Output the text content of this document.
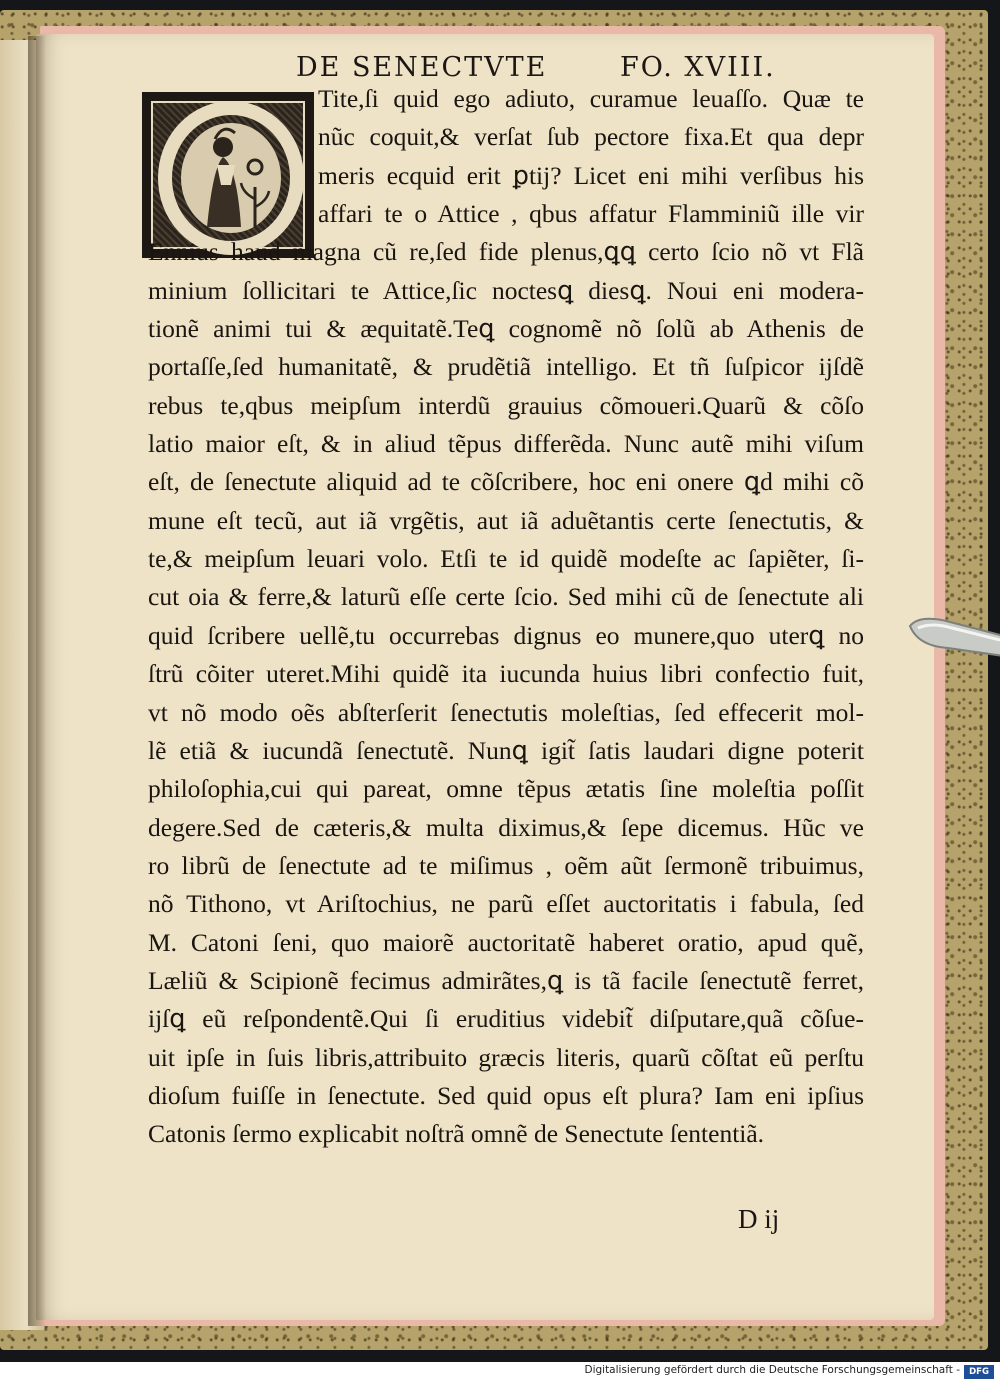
DE SENECTVTE	FO. XVIII.
Tite,ſi quid ego adiuto, curamue leuaſſo. Quæ te
nũc coquit,& verſat ſub pectore fixa.Et qua depr
meris ecquid erit ꝑtij? Licet eni mihi verſibus his
affari te o Attice , qbus affatur Flamminiũ ille vir
Ennius haud magna cũ re,ſed fide plenus,ꝗꝗ certo ſcio nõ vt Flã
minium ſollicitari te Attice,ſic noctesꝗ diesꝗ. Noui eni modera-
tionẽ animi tui & æquitatẽ.Teꝗ cognomẽ nõ ſolũ ab Athenis de
portaſſe,ſed humanitatẽ, & prudẽtiã intelligo. Et tñ ſuſpicor ijſdẽ
rebus te,qbus meipſum interdũ grauius cõmoueri.Quarũ & cõſo
latio maior eſt, & in aliud tẽpus differẽda. Nunc autẽ mihi viſum
eſt, de ſenectute aliquid ad te cõſcribere, hoc eni onere ꝗd mihi cõ
mune eſt tecũ, aut iã vrgẽtis, aut iã aduẽtantis certe ſenectutis, &
te,& meipſum leuari volo. Etſi te id quidẽ modeſte ac ſapiẽter, ſi-
cut oia & ferre,& laturũ eſſe certe ſcio. Sed mihi cũ de ſenectute ali
quid ſcribere uellẽ,tu occurrebas dignus eo munere,quo uterꝗ no
ſtrũ cõiter uteret.Mihi quidẽ ita iucunda huius libri confectio fuit,
vt nõ modo oẽs abſterſerit ſenectutis moleſtias, ſed effecerit mol-
lẽ etiã & iucundã ſenectutẽ. Nunꝗ igit̃ ſatis laudari digne poterit
philoſophia,cui qui pareat, omne tẽpus ætatis ſine moleſtia poſſit
degere.Sed de cæteris,& multa diximus,& ſepe dicemus. Hũc ve
ro librũ de ſenectute ad te miſimus , oẽm aũt ſermonẽ tribuimus,
nõ Tithono, vt Ariſtochius, ne parũ eſſet auctoritatis i fabula, ſed
M. Catoni ſeni, quo maiorẽ auctoritatẽ haberet oratio, apud quẽ,
Læliũ & Scipionẽ fecimus admirãtes,ꝗ is tã facile ſenectutẽ ferret,
ijſꝗ eũ reſpondentẽ.Qui ſi eruditius videbit̃ diſputare,quã cõſue-
uit ipſe in ſuis libris,attribuito græcis literis, quarũ cõſtat eũ perſtu
dioſum fuiſſe in ſenectute. Sed quid opus eſt plura? Iam eni ipſius
Catonis ſermo explicabit noſtrã omnẽ de Senectute ſententiã.
D ij
Digitalisierung gefördert durch die Deutsche Forschungsgemeinschaft -	DFG
